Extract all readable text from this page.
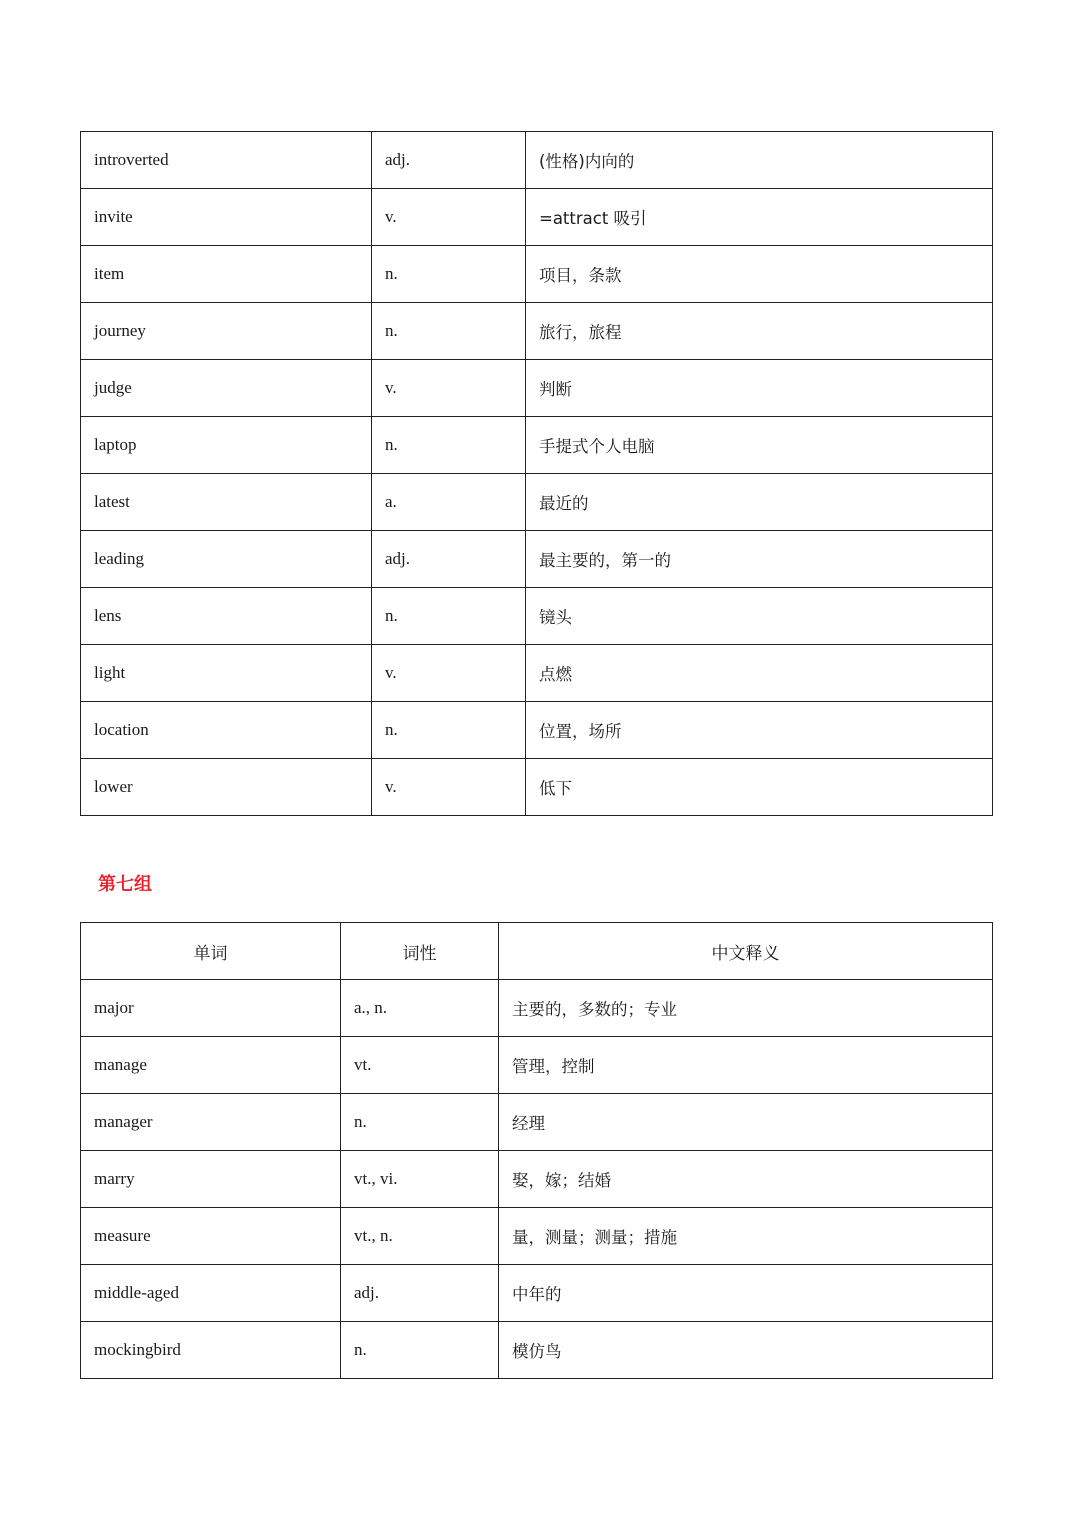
introverted	adj.	(性格)内向的
invite	v.	=attract 吸引
item	n.	项目，条款
journey	n.	旅行，旅程
judge	v.	判断
laptop	n.	手提式个人电脑
latest	a.	最近的
leading	adj.	最主要的，第一的
lens	n.	镜头
light	v.	点燃
location	n.	位置，场所
lower	v.	低下
第七组
单词	词性	中文释义
major	a., n.	主要的，多数的；专业
manage	vt.	管理，控制
manager	n.	经理
marry	vt., vi.	娶，嫁；结婚
measure	vt., n.	量，测量；测量；措施
middle-aged	adj.	中年的
mockingbird	n.	模仿鸟
